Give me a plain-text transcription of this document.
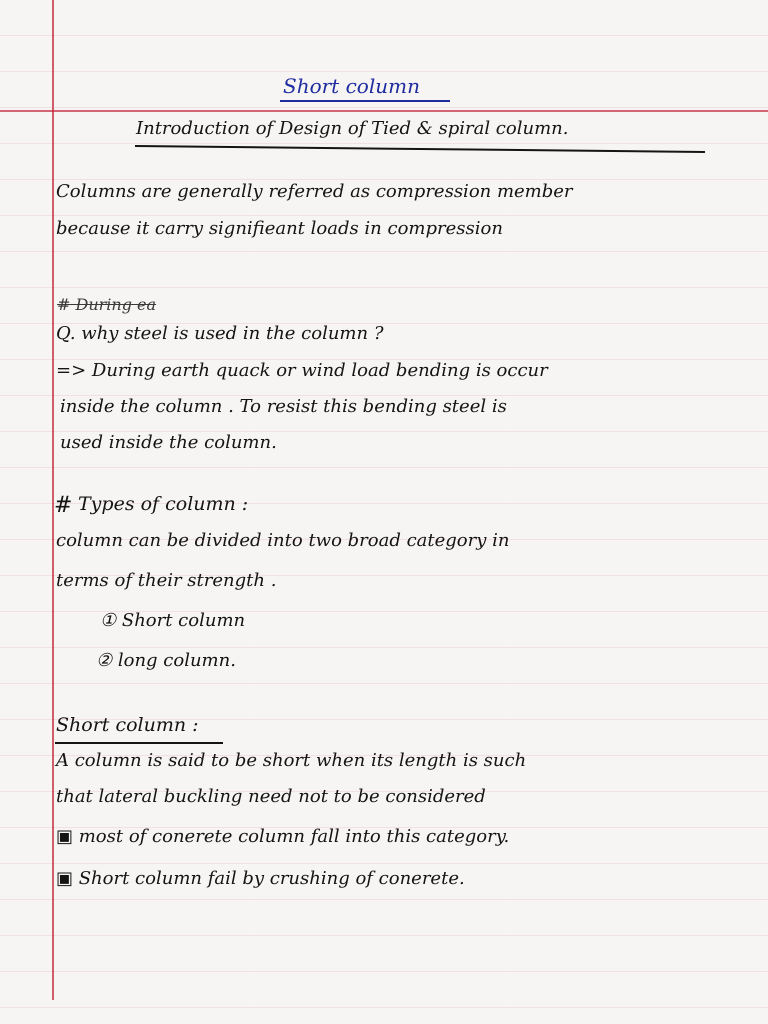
Short column
Introduction of Design of Tied & spiral column.
Columns are generally referred as compression member
because it carry signifieant loads in compression
# During ea
Q. why steel is used in the column ?
=> During earth quack or wind load bending is occur
inside the column . To resist this bending steel is
used inside the column.
# Types of column :
column can be divided into two broad category in
terms of their strength .
① Short column
② long column.
Short column :
A column is said to be short when its length is such
that lateral buckling need not to be considered
▣ most of conerete column fall into this category.
▣ Short column fail by crushing of conerete.
